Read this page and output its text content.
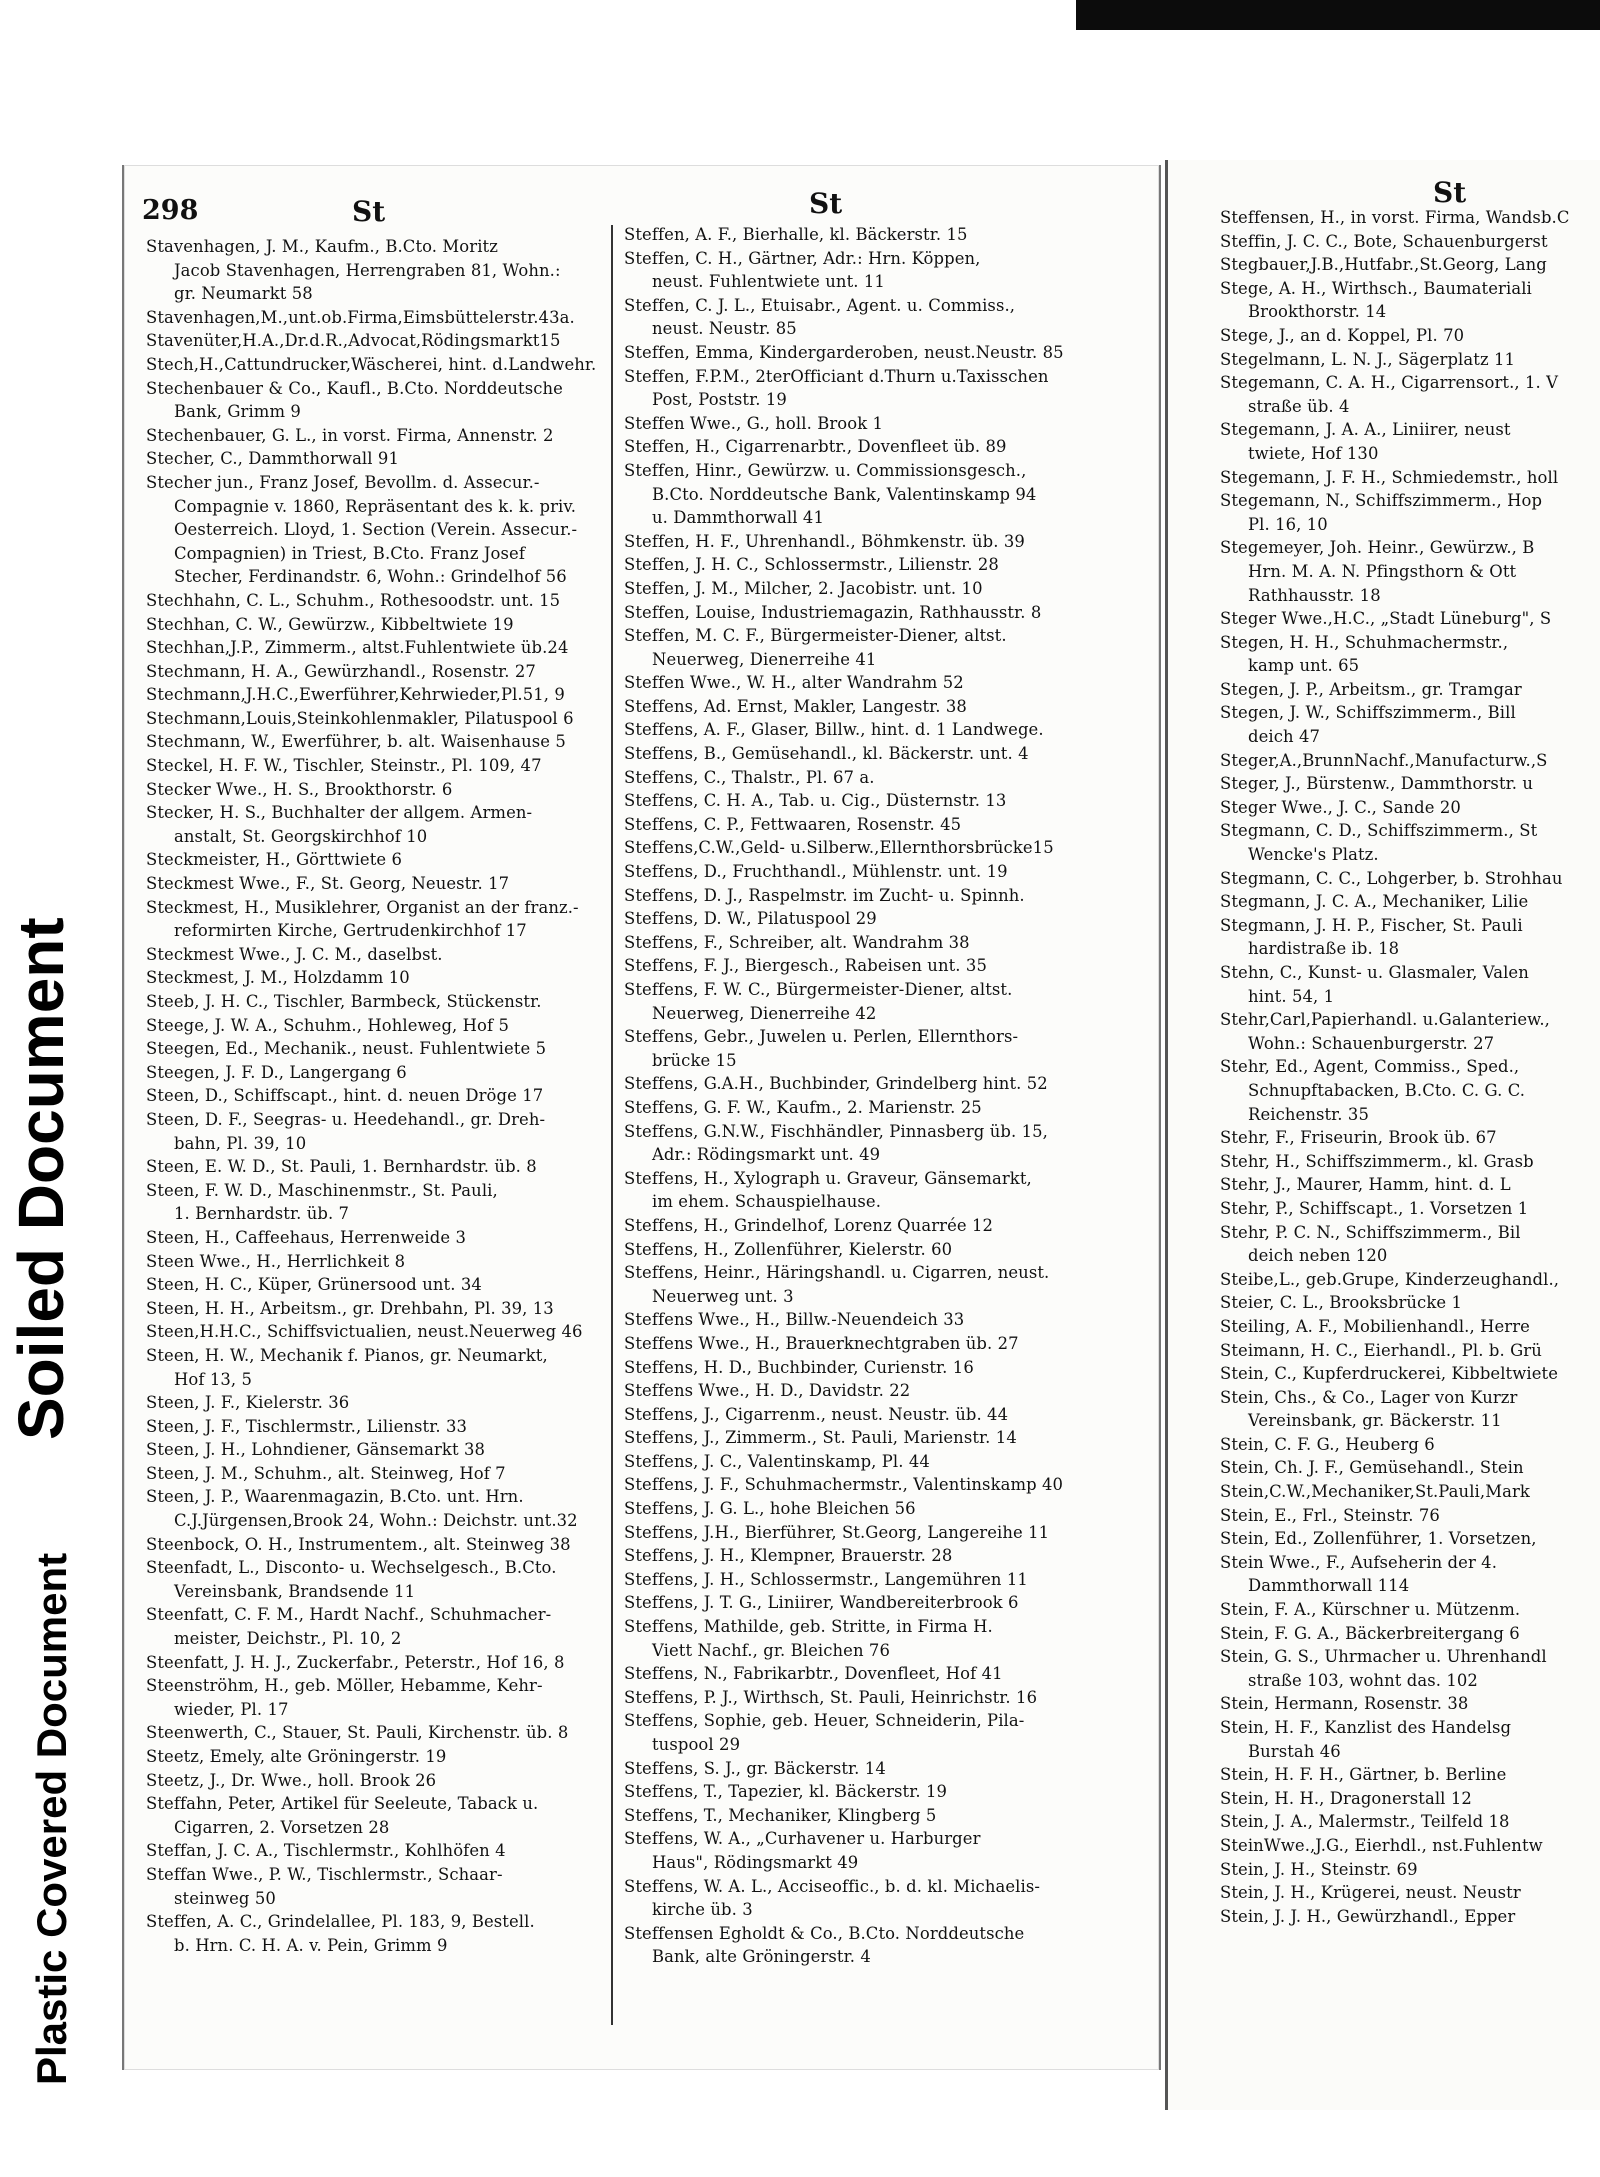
Soiled Document
Plastic Covered Document
298	St	St
Stavenhagen, J. M., Kaufm., B.Cto. Moritz
Jacob Stavenhagen, Herrengraben 81, Wohn.:
gr. Neumarkt 58
Stavenhagen,M.,unt.ob.Firma,Eimsbüttelerstr.43a.
Stavenüter,H.A.,Dr.d.R.,Advocat,Rödingsmarkt15
Stech,H.,Cattundrucker,Wäscherei, hint. d.Landwehr.
Stechenbauer & Co., Kaufl., B.Cto. Norddeutsche
Bank, Grimm 9
Stechenbauer, G. L., in vorst. Firma, Annenstr. 2
Stecher, C., Dammthorwall 91
Stecher jun., Franz Josef, Bevollm. d. Assecur.-
Compagnie v. 1860, Repräsentant des k. k. priv.
Oesterreich. Lloyd, 1. Section (Verein. Assecur.-
Compagnien) in Triest, B.Cto. Franz Josef
Stecher, Ferdinandstr. 6, Wohn.: Grindelhof 56
Stechhahn, C. L., Schuhm., Rothesoodstr. unt. 15
Stechhan, C. W., Gewürzw., Kibbeltwiete 19
Stechhan,J.P., Zimmerm., altst.Fuhlentwiete üb.24
Stechmann, H. A., Gewürzhandl., Rosenstr. 27
Stechmann,J.H.C.,Ewerführer,Kehrwieder,Pl.51, 9
Stechmann,Louis,Steinkohlenmakler, Pilatuspool 6
Stechmann, W., Ewerführer, b. alt. Waisenhause 5
Steckel, H. F. W., Tischler, Steinstr., Pl. 109, 47
Stecker Wwe., H. S., Brookthorstr. 6
Stecker, H. S., Buchhalter der allgem. Armen-
anstalt, St. Georgskirchhof 10
Steckmeister, H., Görttwiete 6
Steckmest Wwe., F., St. Georg, Neuestr. 17
Steckmest, H., Musiklehrer, Organist an der franz.-
reformirten Kirche, Gertrudenkirchhof 17
Steckmest Wwe., J. C. M., daselbst.
Steckmest, J. M., Holzdamm 10
Steeb, J. H. C., Tischler, Barmbeck, Stückenstr.
Steege, J. W. A., Schuhm., Hohleweg, Hof 5
Steegen, Ed., Mechanik., neust. Fuhlentwiete 5
Steegen, J. F. D., Langergang 6
Steen, D., Schiffscapt., hint. d. neuen Dröge 17
Steen, D. F., Seegras- u. Heedehandl., gr. Dreh-
bahn, Pl. 39, 10
Steen, E. W. D., St. Pauli, 1. Bernhardstr. üb. 8
Steen, F. W. D., Maschinenmstr., St. Pauli,
1. Bernhardstr. üb. 7
Steen, H., Caffeehaus, Herrenweide 3
Steen Wwe., H., Herrlichkeit 8
Steen, H. C., Küper, Grünersood unt. 34
Steen, H. H., Arbeitsm., gr. Drehbahn, Pl. 39, 13
Steen,H.H.C., Schiffsvictualien, neust.Neuerweg 46
Steen, H. W., Mechanik f. Pianos, gr. Neumarkt,
Hof 13, 5
Steen, J. F., Kielerstr. 36
Steen, J. F., Tischlermstr., Lilienstr. 33
Steen, J. H., Lohndiener, Gänsemarkt 38
Steen, J. M., Schuhm., alt. Steinweg, Hof 7
Steen, J. P., Waarenmagazin, B.Cto. unt. Hrn.
C.J.Jürgensen,Brook 24, Wohn.: Deichstr. unt.32
Steenbock, O. H., Instrumentem., alt. Steinweg 38
Steenfadt, L., Disconto- u. Wechselgesch., B.Cto.
Vereinsbank, Brandsende 11
Steenfatt, C. F. M., Hardt Nachf., Schuhmacher-
meister, Deichstr., Pl. 10, 2
Steenfatt, J. H. J., Zuckerfabr., Peterstr., Hof 16, 8
Steenströhm, H., geb. Möller, Hebamme, Kehr-
wieder, Pl. 17
Steenwerth, C., Stauer, St. Pauli, Kirchenstr. üb. 8
Steetz, Emely, alte Gröningerstr. 19
Steetz, J., Dr. Wwe., holl. Brook 26
Steffahn, Peter, Artikel für Seeleute, Taback u.
Cigarren, 2. Vorsetzen 28
Steffan, J. C. A., Tischlermstr., Kohlhöfen 4
Steffan Wwe., P. W., Tischlermstr., Schaar-
steinweg 50
Steffen, A. C., Grindelallee, Pl. 183, 9, Bestell.
b. Hrn. C. H. A. v. Pein, Grimm 9
Steffen, A. F., Bierhalle, kl. Bäckerstr. 15
Steffen, C. H., Gärtner, Adr.: Hrn. Köppen,
neust. Fuhlentwiete unt. 11
Steffen, C. J. L., Etuisabr., Agent. u. Commiss.,
neust. Neustr. 85
Steffen, Emma, Kindergarderoben, neust.Neustr. 85
Steffen, F.P.M., 2terOfficiant d.Thurn u.Taxisschen
Post, Poststr. 19
Steffen Wwe., G., holl. Brook 1
Steffen, H., Cigarrenarbtr., Dovenfleet üb. 89
Steffen, Hinr., Gewürzw. u. Commissionsgesch.,
B.Cto. Norddeutsche Bank, Valentinskamp 94
u. Dammthorwall 41
Steffen, H. F., Uhrenhandl., Böhmkenstr. üb. 39
Steffen, J. H. C., Schlossermstr., Lilienstr. 28
Steffen, J. M., Milcher, 2. Jacobistr. unt. 10
Steffen, Louise, Industriemagazin, Rathhausstr. 8
Steffen, M. C. F., Bürgermeister-Diener, altst.
Neuerweg, Dienerreihe 41
Steffen Wwe., W. H., alter Wandrahm 52
Steffens, Ad. Ernst, Makler, Langestr. 38
Steffens, A. F., Glaser, Billw., hint. d. 1 Landwege.
Steffens, B., Gemüsehandl., kl. Bäckerstr. unt. 4
Steffens, C., Thalstr., Pl. 67 a.
Steffens, C. H. A., Tab. u. Cig., Düsternstr. 13
Steffens, C. P., Fettwaaren, Rosenstr. 45
Steffens,C.W.,Geld- u.Silberw.,Ellernthorsbrücke15
Steffens, D., Fruchthandl., Mühlenstr. unt. 19
Steffens, D. J., Raspelmstr. im Zucht- u. Spinnh.
Steffens, D. W., Pilatuspool 29
Steffens, F., Schreiber, alt. Wandrahm 38
Steffens, F. J., Biergesch., Rabeisen unt. 35
Steffens, F. W. C., Bürgermeister-Diener, altst.
Neuerweg, Dienerreihe 42
Steffens, Gebr., Juwelen u. Perlen, Ellernthors-
brücke 15
Steffens, G.A.H., Buchbinder, Grindelberg hint. 52
Steffens, G. F. W., Kaufm., 2. Marienstr. 25
Steffens, G.N.W., Fischhändler, Pinnasberg üb. 15,
Adr.: Rödingsmarkt unt. 49
Steffens, H., Xylograph u. Graveur, Gänsemarkt,
im ehem. Schauspielhause.
Steffens, H., Grindelhof, Lorenz Quarrée 12
Steffens, H., Zollenführer, Kielerstr. 60
Steffens, Heinr., Häringshandl. u. Cigarren, neust.
Neuerweg unt. 3
Steffens Wwe., H., Billw.-Neuendeich 33
Steffens Wwe., H., Brauerknechtgraben üb. 27
Steffens, H. D., Buchbinder, Curienstr. 16
Steffens Wwe., H. D., Davidstr. 22
Steffens, J., Cigarrenm., neust. Neustr. üb. 44
Steffens, J., Zimmerm., St. Pauli, Marienstr. 14
Steffens, J. C., Valentinskamp, Pl. 44
Steffens, J. F., Schuhmachermstr., Valentinskamp 40
Steffens, J. G. L., hohe Bleichen 56
Steffens, J.H., Bierführer, St.Georg, Langereihe 11
Steffens, J. H., Klempner, Brauerstr. 28
Steffens, J. H., Schlossermstr., Langemühren 11
Steffens, J. T. G., Liniirer, Wandbereiterbrook 6
Steffens, Mathilde, geb. Stritte, in Firma H.
Viett Nachf., gr. Bleichen 76
Steffens, N., Fabrikarbtr., Dovenfleet, Hof 41
Steffens, P. J., Wirthsch, St. Pauli, Heinrichstr. 16
Steffens, Sophie, geb. Heuer, Schneiderin, Pila-
tuspool 29
Steffens, S. J., gr. Bäckerstr. 14
Steffens, T., Tapezier, kl. Bäckerstr. 19
Steffens, T., Mechaniker, Klingberg 5
Steffens, W. A., „Curhavener u. Harburger
Haus", Rödingsmarkt 49
Steffens, W. A. L., Acciseoffic., b. d. kl. Michaelis-
kirche üb. 3
Steffensen Egholdt & Co., B.Cto. Norddeutsche
Bank, alte Gröningerstr. 4
St
Steffensen, H., in vorst. Firma, Wandsb.C
Steffin, J. C. C., Bote, Schauenburgerst
Stegbauer,J.B.,Hutfabr.,St.Georg, Lang
Stege, A. H., Wirthsch., Baumateriali
Brookthorstr. 14
Stege, J., an d. Koppel, Pl. 70
Stegelmann, L. N. J., Sägerplatz 11
Stegemann, C. A. H., Cigarrensort., 1. V
straße üb. 4
Stegemann, J. A. A., Liniirer, neust
twiete, Hof 130
Stegemann, J. F. H., Schmiedemstr., holl
Stegemann, N., Schiffszimmerm., Hop
Pl. 16, 10
Stegemeyer, Joh. Heinr., Gewürzw., B
Hrn. M. A. N. Pfingsthorn & Ott
Rathhausstr. 18
Steger Wwe.,H.C., „Stadt Lüneburg", S
Stegen, H. H., Schuhmachermstr.,
kamp unt. 65
Stegen, J. P., Arbeitsm., gr. Tramgar
Stegen, J. W., Schiffszimmerm., Bill
deich 47
Steger,A.,BrunnNachf.,Manufacturw.,S
Steger, J., Bürstenw., Dammthorstr. u
Steger Wwe., J. C., Sande 20
Stegmann, C. D., Schiffszimmerm., St
Wencke's Platz.
Stegmann, C. C., Lohgerber, b. Strohhau
Stegmann, J. C. A., Mechaniker, Lilie
Stegmann, J. H. P., Fischer, St. Pauli
hardistraße ib. 18
Stehn, C., Kunst- u. Glasmaler, Valen
hint. 54, 1
Stehr,Carl,Papierhandl. u.Galanteriew.,
Wohn.: Schauenburgerstr. 27
Stehr, Ed., Agent, Commiss., Sped.,
Schnupftabacken, B.Cto. C. G. C.
Reichenstr. 35
Stehr, F., Friseurin, Brook üb. 67
Stehr, H., Schiffszimmerm., kl. Grasb
Stehr, J., Maurer, Hamm, hint. d. L
Stehr, P., Schiffscapt., 1. Vorsetzen 1
Stehr, P. C. N., Schiffszimmerm., Bil
deich neben 120
Steibe,L., geb.Grupe, Kinderzeughandl.,
Steier, C. L., Brooksbrücke 1
Steiling, A. F., Mobilienhandl., Herre
Steimann, H. C., Eierhandl., Pl. b. Grü
Stein, C., Kupferdruckerei, Kibbeltwiete
Stein, Chs., & Co., Lager von Kurzr
Vereinsbank, gr. Bäckerstr. 11
Stein, C. F. G., Heuberg 6
Stein, Ch. J. F., Gemüsehandl., Stein
Stein,C.W.,Mechaniker,St.Pauli,Mark
Stein, E., Frl., Steinstr. 76
Stein, Ed., Zollenführer, 1. Vorsetzen,
Stein Wwe., F., Aufseherin der 4.
Dammthorwall 114
Stein, F. A., Kürschner u. Mützenm.
Stein, F. G. A., Bäckerbreitergang 6
Stein, G. S., Uhrmacher u. Uhrenhandl
straße 103, wohnt das. 102
Stein, Hermann, Rosenstr. 38
Stein, H. F., Kanzlist des Handelsg
Burstah 46
Stein, H. F. H., Gärtner, b. Berline
Stein, H. H., Dragonerstall 12
Stein, J. A., Malermstr., Teilfeld 18
SteinWwe.,J.G., Eierhdl., nst.Fuhlentw
Stein, J. H., Steinstr. 69
Stein, J. H., Krügerei, neust. Neustr
Stein, J. J. H., Gewürzhandl., Epper
